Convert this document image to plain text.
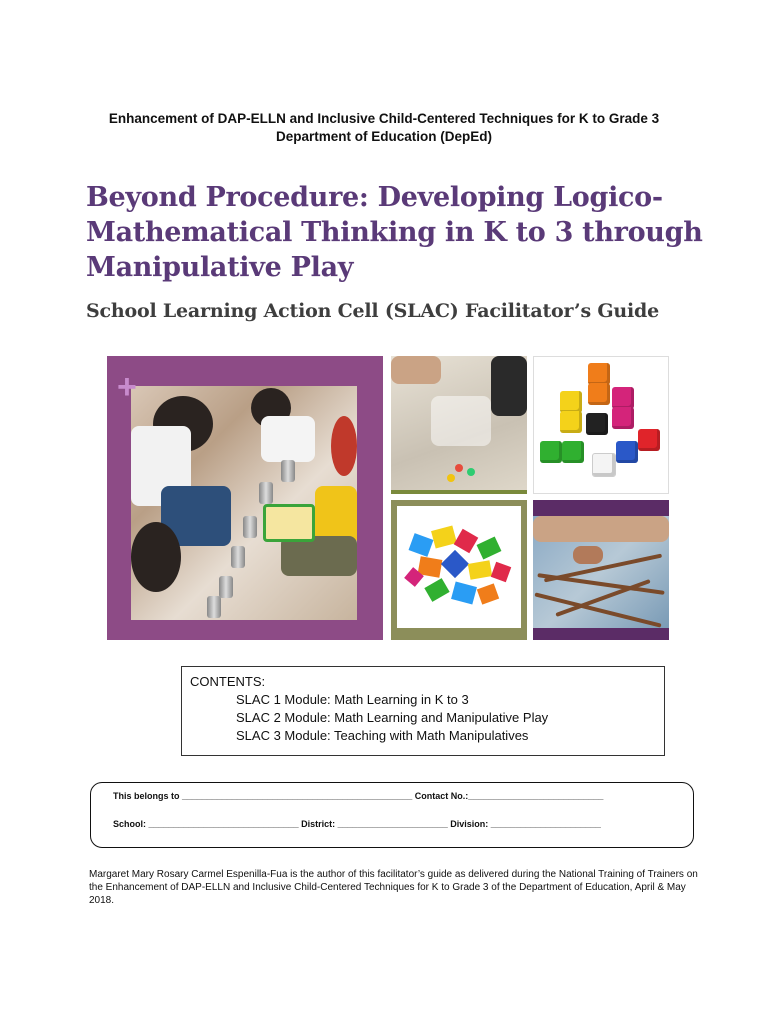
Enhancement of DAP-ELLN and Inclusive Child-Centered Techniques for K to Grade 3
Department of Education (DepEd)
Beyond Procedure: Developing Logico-
Mathematical Thinking in K to 3 through
Manipulative Play
School Learning Action Cell (SLAC) Facilitator’s Guide
+
CONTENTS:
SLAC 1 Module: Math Learning in K to 3
SLAC 2 Module: Math Learning and Manipulative Play
SLAC 3 Module: Teaching with Math Manipulatives
This belongs to ______________________________________________ Contact No.:___________________________
School: ______________________________ District: ______________________ Division: ______________________
Margaret Mary Rosary Carmel Espenilla-Fua is the author of this facilitator’s guide as delivered during the National Training of Trainers on the Enhancement of DAP-ELLN and Inclusive Child-Centered Techniques for K to Grade 3 of the Department of Education, April & May 2018.
